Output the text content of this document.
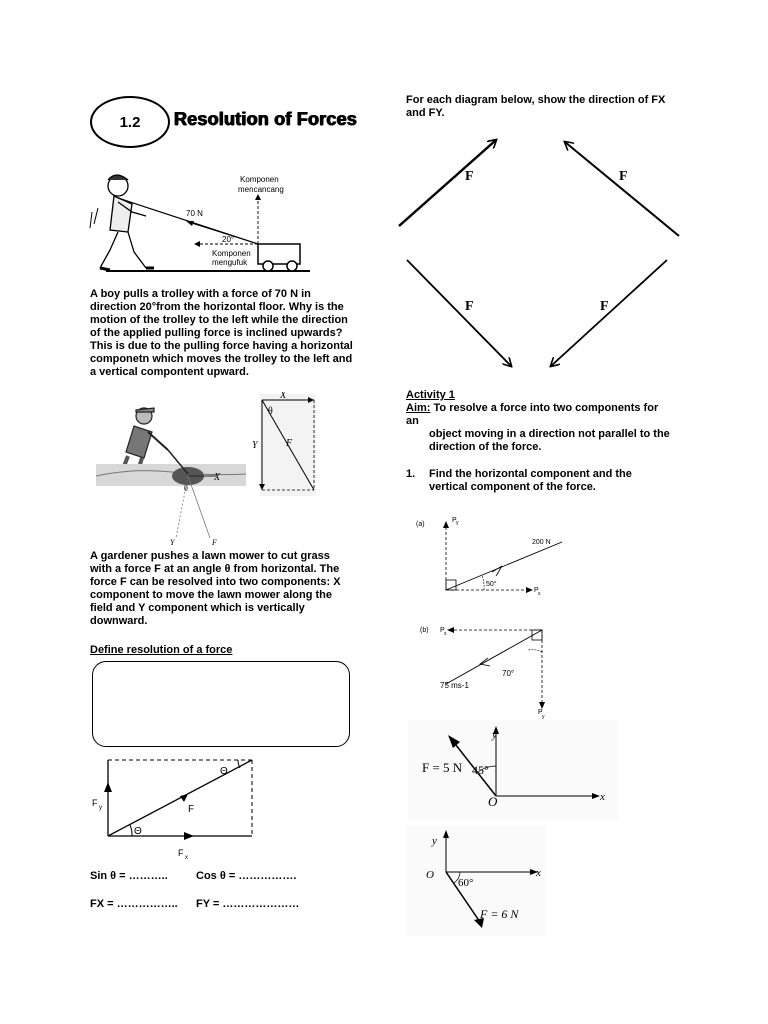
1.2 Resolution of Forces
Komponen
mencancang
70 N
20°
Komponen
mengufuk
A boy pulls a trolley with a force of 70 N in
direction 20°from the horizontal floor. Why is the
motion of the trolley to the left while the direction
of the applied pulling force is inclined upwards?
This is due to the pulling force having a horizontal
componetn which moves the trolley to the left and
a vertical compontent upward.
X
θ
Y	F
X
θ
Y	F
A gardener pushes a lawn mower to cut grass
with a force F at an angle θ from horizontal. The
force F can be resolved into two components: X
component to move the lawn mower along the
field and Y component which is vertically
downward.
Define resolution of a force
F y	F
Θ
Θ
F x
Sin θ = ………..	Cos θ = …………….
FX = …………….. FY = …………………
For each diagram below, show the direction of FX
and FY.
F	F
F	F
Activity 1
Aim: To resolve a force into two components for
an
object moving in a direction not parallel to the
direction of the force.
1. Find the horizontal component and the
vertical component of the force.
(a)
P y
200 N
50°
P x
(b) P x
70°
75 ms-1
P
y
y
F = 5 N 45°
O	x
y
O
60°
x
F = 6 N
